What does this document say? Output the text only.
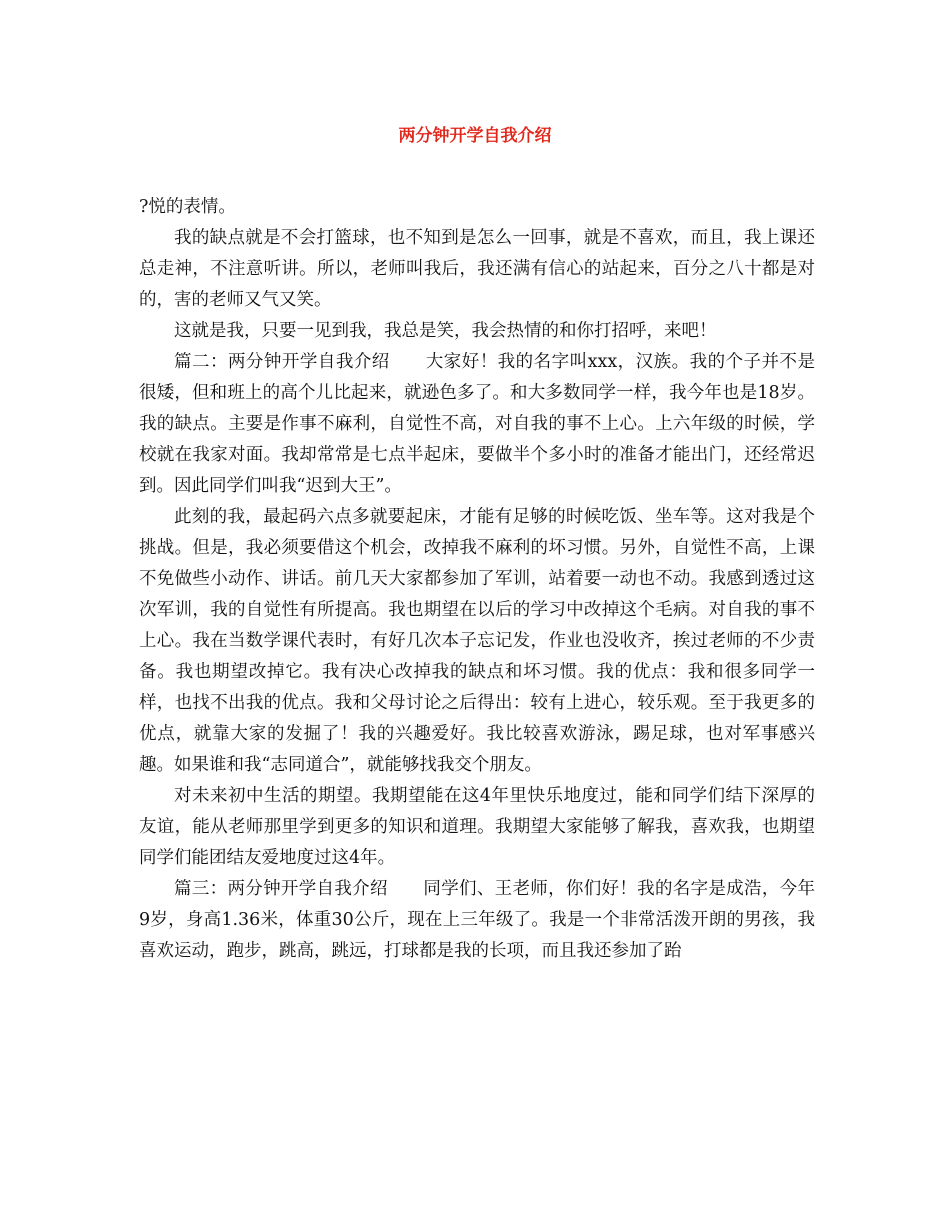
两分钟开学自我介绍

?悦的表情。

我的缺点就是不会打篮球，也不知到是怎么一回事，就是不喜欢，而且，我上课还总走神，不注意听讲。所以，老师叫我后，我还满有信心的站起来，百分之八十都是对的，害的老师又气又笑。

这就是我，只要一见到我，我总是笑，我会热情的和你打招呼，来吧！

篇二：两分钟开学自我介绍　　大家好！我的名字叫xxx，汉族。我的个子并不是很矮，但和班上的高个儿比起来，就逊色多了。和大多数同学一样，我今年也是18岁。我的缺点。主要是作事不麻利，自觉性不高，对自我的事不上心。上六年级的时候，学校就在我家对面。我却常常是七点半起床，要做半个多小时的准备才能出门，还经常迟到。因此同学们叫我“迟到大王”。

此刻的我，最起码六点多就要起床，才能有足够的时候吃饭、坐车等。这对我是个挑战。但是，我必须要借这个机会，改掉我不麻利的坏习惯。另外，自觉性不高，上课不免做些小动作、讲话。前几天大家都参加了军训，站着要一动也不动。我感到透过这次军训，我的自觉性有所提高。我也期望在以后的学习中改掉这个毛病。对自我的事不上心。我在当数学课代表时，有好几次本子忘记发，作业也没收齐，挨过老师的不少责备。我也期望改掉它。我有决心改掉我的缺点和坏习惯。我的优点：我和很多同学一样，也找不出我的优点。我和父母讨论之后得出：较有上进心，较乐观。至于我更多的优点，就靠大家的发掘了！我的兴趣爱好。我比较喜欢游泳，踢足球，也对军事感兴趣。如果谁和我“志同道合”，就能够找我交个朋友。

对未来初中生活的期望。我期望能在这4年里快乐地度过，能和同学们结下深厚的友谊，能从老师那里学到更多的知识和道理。我期望大家能够了解我，喜欢我，也期望同学们能团结友爱地度过这4年。

篇三：两分钟开学自我介绍　　同学们、王老师，你们好！我的名字是成浩，今年9岁，身高1.36米，体重30公斤，现在上三年级了。我是一个非常活泼开朗的男孩，我喜欢运动，跑步，跳高，跳远，打球都是我的长项，而且我还参加了跆
